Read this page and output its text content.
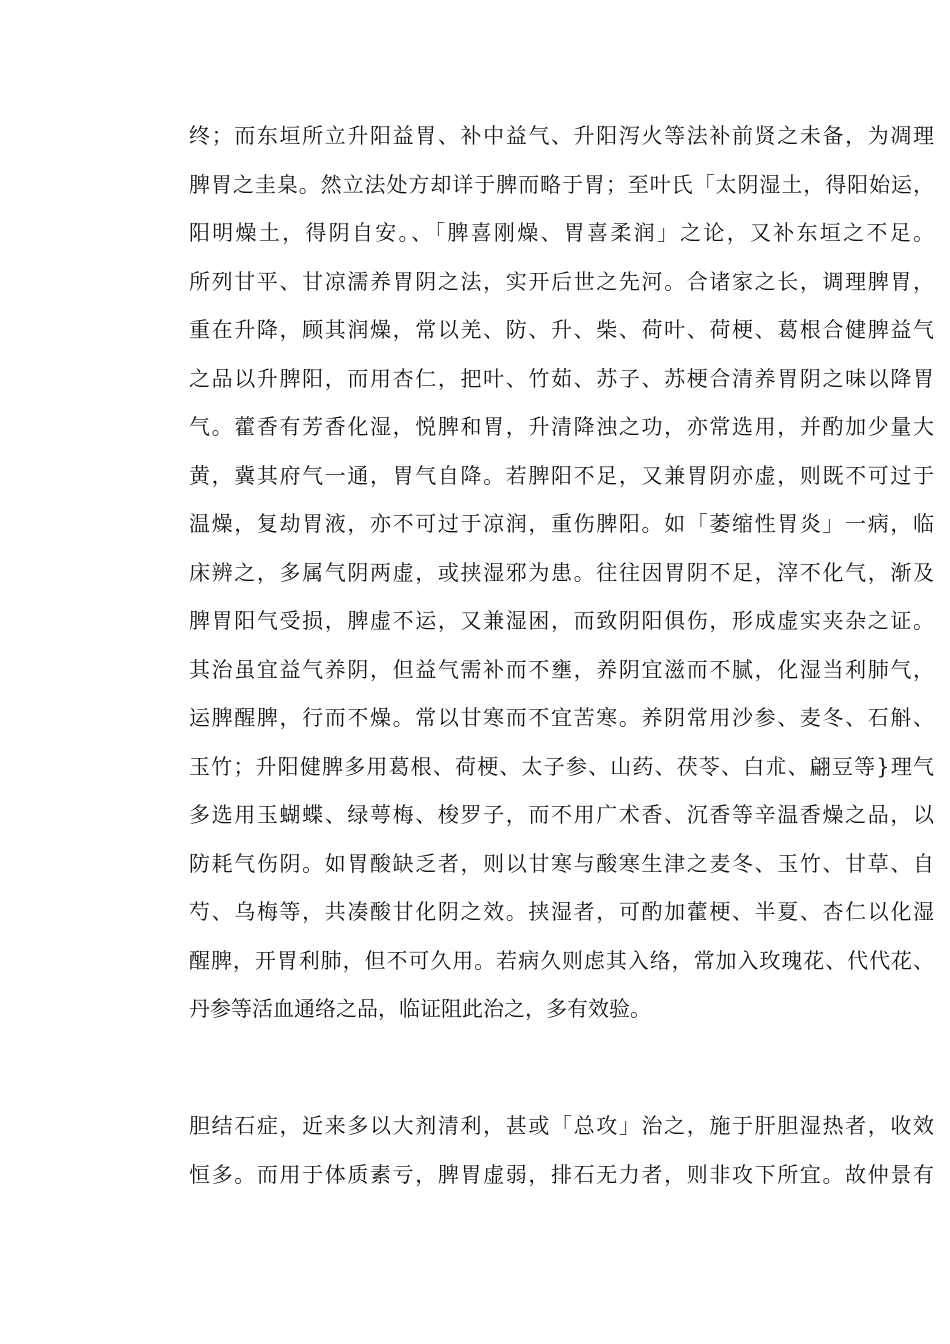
终；而东垣所立升阳益胃、补中益气、升阳泻火等法补前贤之未备，为凋理
脾胃之圭臬。然立法处方却详于脾而略于胃；至叶氏「太阴湿土，得阳始运，
阳明燥土，得阴自安。、「脾喜刚燥、胃喜柔润」之论，又补东垣之不足。
所列甘平、甘凉濡养胃阴之法，实开后世之先河。合诸家之长，调理脾胃，
重在升降，顾其润燥，常以羌、防、升、柴、荷叶、荷梗、葛根合健脾益气
之品以升脾阳，而用杏仁，把叶、竹茹、苏子、苏梗合清养胃阴之味以降胃
气。藿香有芳香化湿，悦脾和胃，升清降浊之功，亦常选用，并酌加少量大
黄，冀其府气一通，胃气自降。若脾阳不足，又兼胃阴亦虚，则既不可过于
温燥，复劫胃液，亦不可过于凉润，重伤脾阳。如「萎缩性胃炎」一病，临
床辨之，多属气阴两虚，或挟湿邪为患。往往因胃阴不足，滓不化气，渐及
脾胃阳气受损，脾虚不运，又兼湿困，而致阴阳俱伤，形成虚实夹杂之证。
其治虽宜益气养阴，但益气需补而不壅，养阴宜滋而不腻，化湿当利肺气，
运脾醒脾，行而不燥。常以甘寒而不宜苦寒。养阴常用沙参、麦冬、石斛、
玉竹；升阳健脾多用葛根、荷梗、太子参、山药、茯苓、白朮、翩豆等}理气
多选用玉蝴蝶、绿萼梅、梭罗子，而不用广术香、沉香等辛温香燥之品，以
防耗气伤阴。如胃酸缺乏者，则以甘寒与酸寒生津之麦冬、玉竹、甘草、自
芍、乌梅等，共凑酸甘化阴之效。挟湿者，可酌加藿梗、半夏、杏仁以化湿
醒脾，开胃利肺，但不可久用。若病久则虑其入络，常加入玫瑰花、代代花、
丹参等活血通络之品，临证阻此治之，多有效验。
胆结石症，近来多以大剂清利，甚或「总攻」治之，施于肝胆湿热者，收效
恒多。而用于体质素亏，脾胃虚弱，排石无力者，则非攻下所宜。故仲景有
